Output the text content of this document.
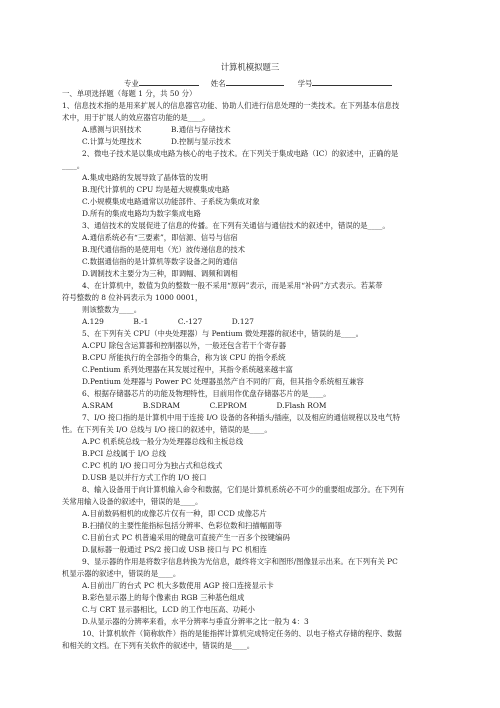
计算机模拟题三
专业	姓名	学号
一、单项选择题（每题 1 分，共 50 分）
1、信息技术指的是用来扩展人的信息器官功能、协助人们进行信息处理的一类技术。在下列基本信息技
术中，用于扩展人的效应器官功能的是____。
A.感测与识别技术　　　　B.通信与存储技术
C.计算与处理技术　　　　D.控制与显示技术
2、微电子技术是以集成电路为核心的电子技术。在下列关于集成电路（IC）的叙述中，正确的是
____。
A.集成电路的发展导致了晶体管的发明
B.现代计算机的 CPU 均是超大规模集成电路
C.小规模集成电路通常以功能部件、子系统为集成对象
D.所有的集成电路均为数字集成电路
3、通信技术的发展促进了信息的传播。在下列有关通信与通信技术的叙述中，错误的是____。
A.通信系统必有“三要素”，即信源、信号与信宿
B.现代通信指的是使用电（光）波传递信息的技术
C.数据通信指的是计算机等数字设备之间的通信
D.调制技术主要分为三种，即调幅、调频和调相
4、在计算机中，数值为负的整数一般不采用“原码”表示，而是采用“补码”方式表示。若某带
符号整数的 8 位补码表示为 1000 0001，
则该整数为____。
A.129　　　　B.-1　　　　C.-127　　　　D.127
5、在下列有关 CPU（中央处理器）与 Pentium 微处理器的叙述中，错误的是____。
A.CPU 除包含运算器和控制器以外，一般还包含若干个寄存器
B.CPU 所能执行的全部指令的集合，称为该 CPU 的指令系统
C.Pentium 系列处理器在其发展过程中，其指令系统越来越丰富
D.Pentium 处理器与 Power PC 处理器虽然产自不同的厂商，但其指令系统相互兼容
6、根据存储器芯片的功能及物理特性，目前用作优盘存储器芯片的是____。
A.SRAM　　　　B.SDRAM　　　　C.EPROM　　　　D.Flash ROM
7、I/O 接口指的是计算机中用于连接 I/O 设备的各种插头/插座，以及相应的通信规程以及电气特
性。在下列有关 I/O 总线与 I/O 接口的叙述中，错误的是____。
A.PC 机系统总线一般分为处理器总线和主板总线
B.PCI 总线属于 I/O 总线
C.PC 机的 I/O 接口可分为独占式和总线式
D.USB 是以并行方式工作的 I/O 接口
8、输入设备用于向计算机输入命令和数据，它们是计算机系统必不可少的重要组成部分。在下列有
关常用输入设备的叙述中，错误的是____。
A.目前数码相机的成像芯片仅有一种，即 CCD 成像芯片
B.扫描仪的主要性能指标包括分辨率、色彩位数和扫描幅面等
C.目前台式 PC 机普遍采用的键盘可直接产生一百多个按键编码
D.鼠标器一般通过 PS/2 接口或 USB 接口与 PC 机相连
9、显示器的作用是将数字信息转换为光信息，最终将文字和图形/图像显示出来。在下列有关 PC
机显示器的叙述中，错误的是____。
A.目前出厂的台式 PC 机大多数使用 AGP 接口连接显示卡
B.彩色显示器上的每个像素由 RGB 三种基色组成
C.与 CRT 显示器相比，LCD 的工作电压高、功耗小
D.从显示器的分辨率来看，水平分辨率与垂直分辨率之比一般为 4：3
10、计算机软件（简称软件）指的是能指挥计算机完成特定任务的、以电子格式存储的程序、数据
和相关的文档。在下列有关软件的叙述中，错误的是____。
